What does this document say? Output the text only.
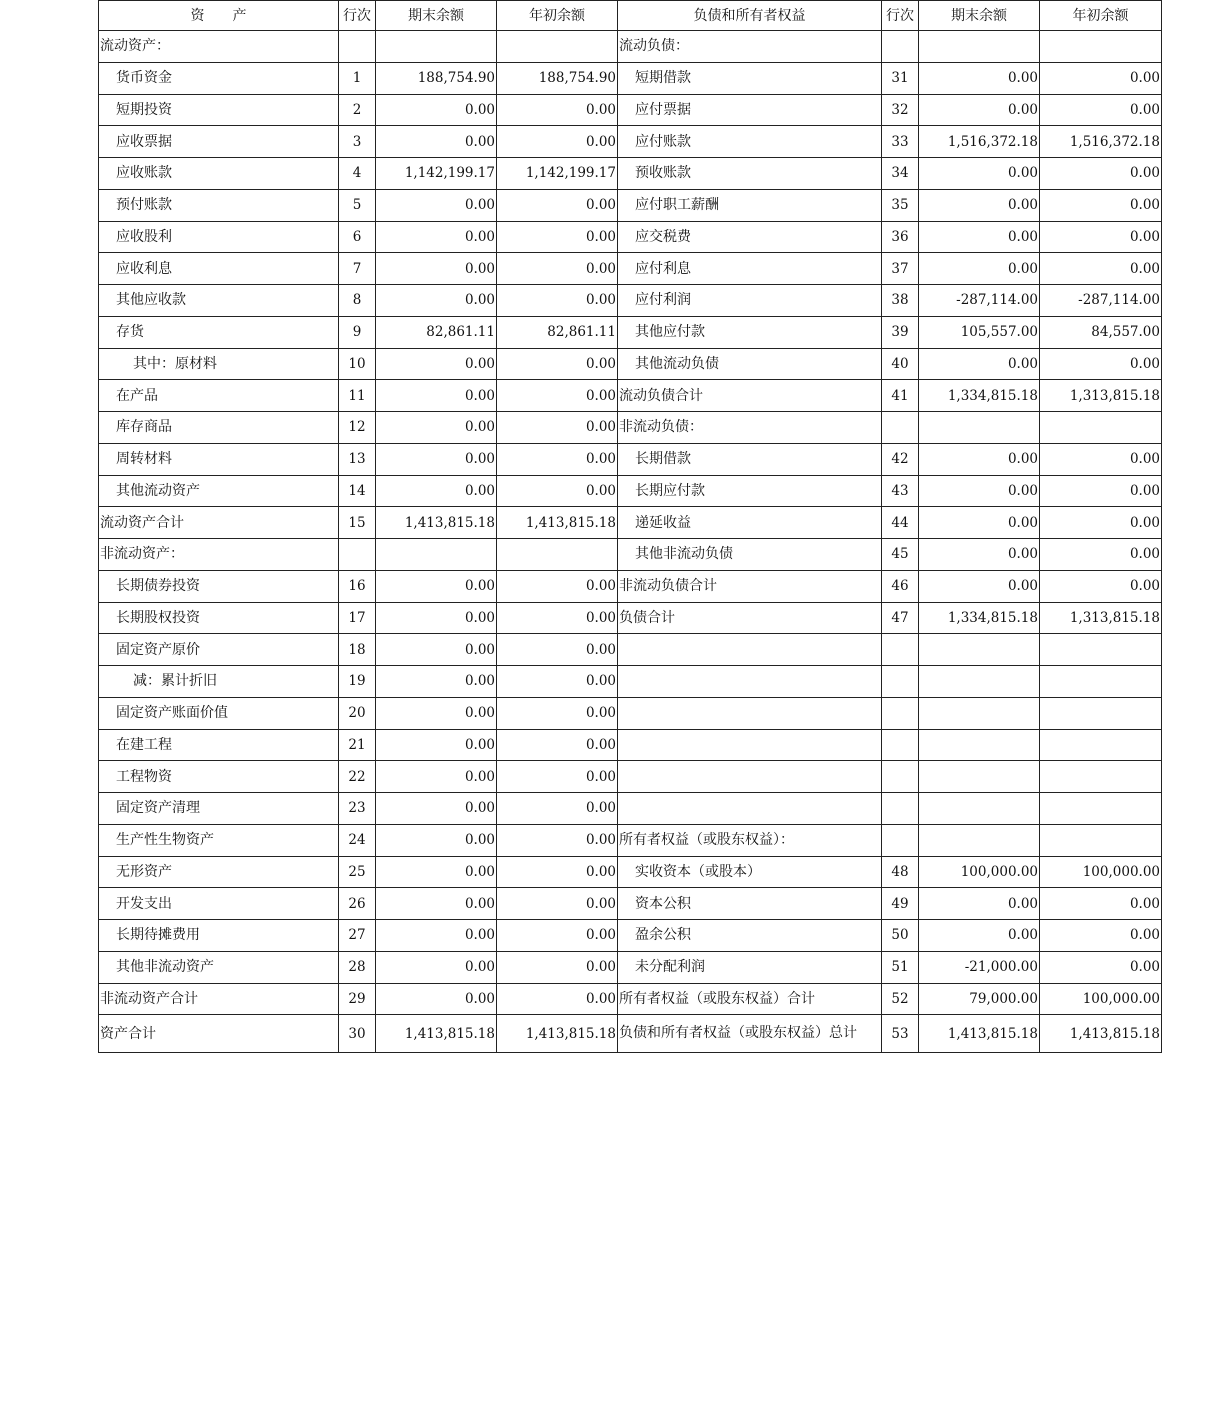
资　　产	行次	期末余额	年初余额	负债和所有者权益	行次	期末余额	年初余额
流动资产：				流动负债：			
货币资金	1	188,754.90	188,754.90	短期借款	31	0.00	0.00
短期投资	2	0.00	0.00	应付票据	32	0.00	0.00
应收票据	3	0.00	0.00	应付账款	33	1,516,372.18	1,516,372.18
应收账款	4	1,142,199.17	1,142,199.17	预收账款	34	0.00	0.00
预付账款	5	0.00	0.00	应付职工薪酬	35	0.00	0.00
应收股利	6	0.00	0.00	应交税费	36	0.00	0.00
应收利息	7	0.00	0.00	应付利息	37	0.00	0.00
其他应收款	8	0.00	0.00	应付利润	38	-287,114.00	-287,114.00
存货	9	82,861.11	82,861.11	其他应付款	39	105,557.00	84,557.00
其中：原材料	10	0.00	0.00	其他流动负债	40	0.00	0.00
在产品	11	0.00	0.00	流动负债合计	41	1,334,815.18	1,313,815.18
库存商品	12	0.00	0.00	非流动负债：			
周转材料	13	0.00	0.00	长期借款	42	0.00	0.00
其他流动资产	14	0.00	0.00	长期应付款	43	0.00	0.00
流动资产合计	15	1,413,815.18	1,413,815.18	递延收益	44	0.00	0.00
非流动资产：				其他非流动负债	45	0.00	0.00
长期债券投资	16	0.00	0.00	非流动负债合计	46	0.00	0.00
长期股权投资	17	0.00	0.00	负债合计	47	1,334,815.18	1,313,815.18
固定资产原价	18	0.00	0.00				
减：累计折旧	19	0.00	0.00				
固定资产账面价值	20	0.00	0.00				
在建工程	21	0.00	0.00				
工程物资	22	0.00	0.00				
固定资产清理	23	0.00	0.00				
生产性生物资产	24	0.00	0.00	所有者权益（或股东权益）：			
无形资产	25	0.00	0.00	实收资本（或股本）	48	100,000.00	100,000.00
开发支出	26	0.00	0.00	资本公积	49	0.00	0.00
长期待摊费用	27	0.00	0.00	盈余公积	50	0.00	0.00
其他非流动资产	28	0.00	0.00	未分配利润	51	-21,000.00	0.00
非流动资产合计	29	0.00	0.00	所有者权益（或股东权益）合计	52	79,000.00	100,000.00
资产合计	30	1,413,815.18	1,413,815.18	负债和所有者权益（或股东权益）总计	53	1,413,815.18	1,413,815.18
